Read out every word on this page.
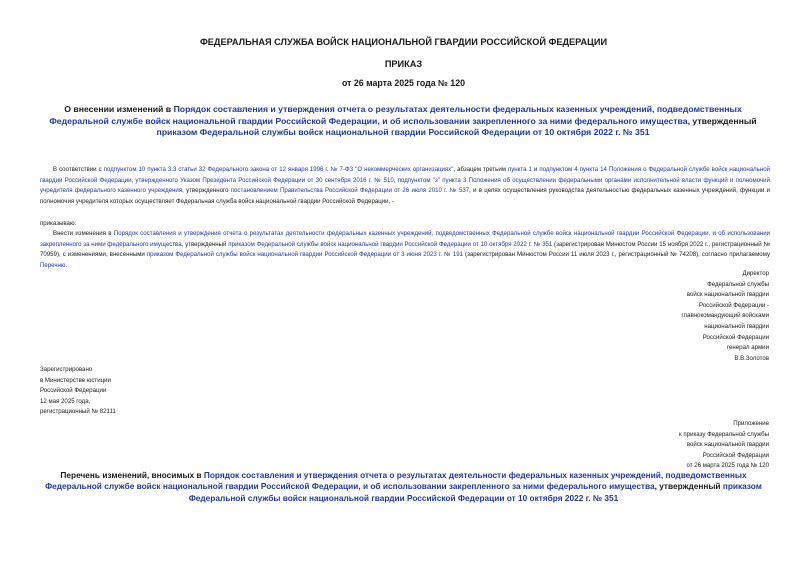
ФЕДЕРАЛЬНАЯ СЛУЖБА ВОЙСК НАЦИОНАЛЬНОЙ ГВАРДИИ РОССИЙСКОЙ ФЕДЕРАЦИИ
ПРИКАЗ
от 26 марта 2025 года № 120
О внесении изменений в Порядок составления и утверждения отчета о результатах деятельности федеральных казенных учреждений, подведомственных Федеральной службе войск национальной гвардии Российской Федерации, и об использовании закрепленного за ними федерального имущества, утвержденный приказом Федеральной службы войск национальной гвардии Российской Федерации от 10 октября 2022 г. № 351
В соответствии с подпунктом 10 пункта 3.3 статьи 32 Федерального закона от 12 января 1996 г. № 7-ФЗ "О некоммерческих организациях", абзацем третьим пункта 1 и подпунктом 4 пункта 14 Положения о Федеральной службе войск национальной гвардии Российской Федерации, утвержденного Указом Президента Российской Федерации от 30 сентября 2016 г. № 510, подпунктом "з" пункта 3 Положения об осуществлении федеральными органами исполнительной власти функций и полномочий учредителя федерального казенного учреждения, утвержденного постановлением Правительства Российской Федерации от 26 июля 2010 г. № 537, и в целях осуществления руководства деятельностью федеральных казенных учреждений, функции и полномочия учредителя которых осуществляет Федеральная служба войск национальной гвардии Российской Федерации, -
приказываю:
Внести изменения в Порядок составления и утверждения отчета о результатах деятельности федеральных казенных учреждений, подведомственных Федеральной службе войск национальной гвардии Российской Федерации, и об использовании закрепленного за ними федерального имущества, утвержденный приказом Федеральной службы войск национальной гвардии Российской Федерации от 10 октября 2022 г. № 351 (зарегистрирован Минюстом России 15 ноября 2022 г., регистрационный № 70959), с изменениями, внесенными приказом Федеральной службы войск национальной гвардии Российской Федерации от 3 июня 2023 г. № 191 (зарегистрирован Минюстом России 11 июля 2023 г., регистрационный № 74208), согласно прилагаемому Перечню.
Директор
Федеральной службы
войск национальной гвардии
Российской Федерации -
главнокомандующий войсками
национальной гвардии
Российской Федерации
генерал армии
В.В.Золотов
Зарегистрировано
в Министерстве юстиции
Российской Федерации
12 мая 2025 года,
регистрационный № 82111
Приложение
к приказу Федеральной службы
войск национальной гвардии
Российской Федерации
от 26 марта 2025 года № 120
Перечень изменений, вносимых в Порядок составления и утверждения отчета о результатах деятельности федеральных казенных учреждений, подведомственных Федеральной службе войск национальной гвардии Российской Федерации, и об использовании закрепленного за ними федерального имущества, утвержденный приказом Федеральной службы войск национальной гвардии Российской Федерации от 10 октября 2022 г. № 351
